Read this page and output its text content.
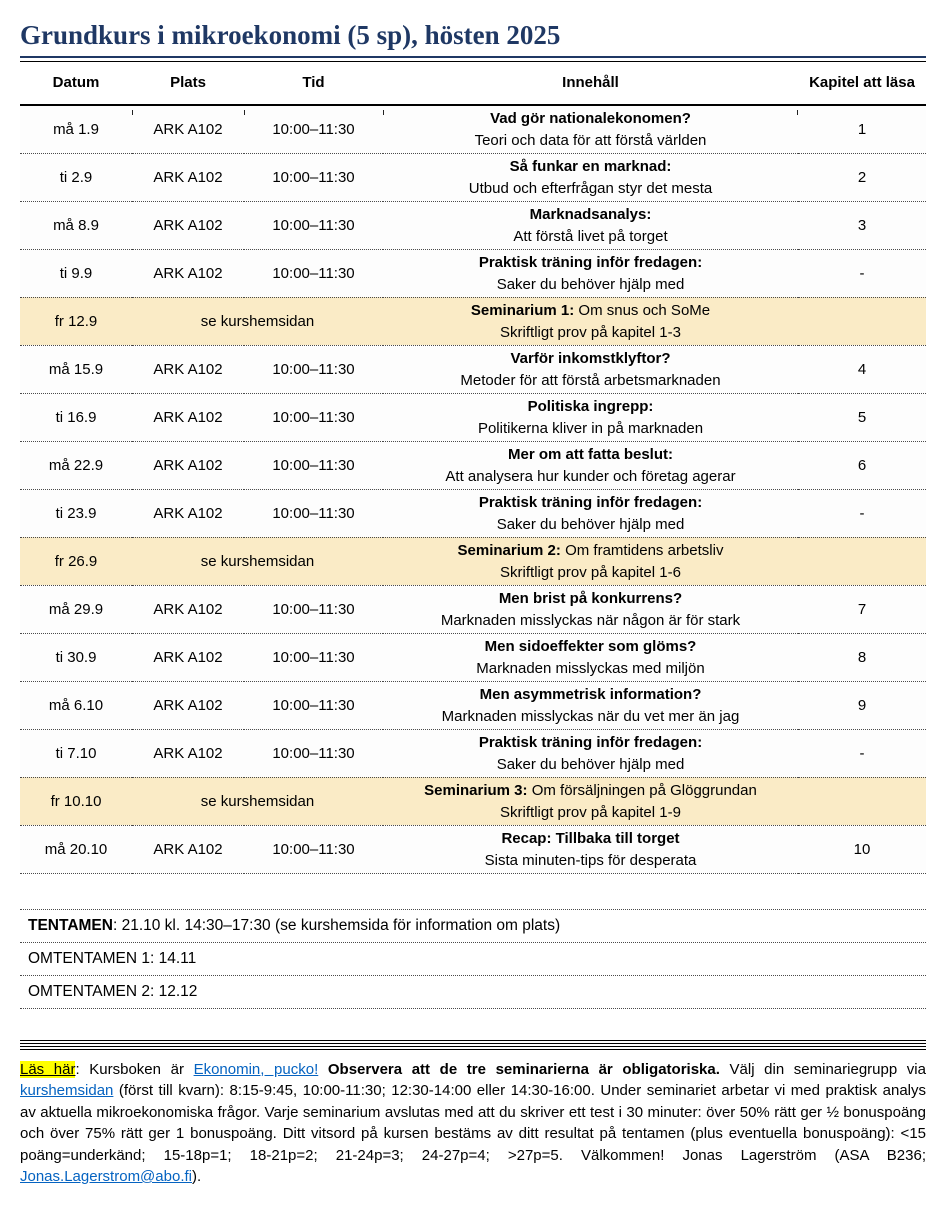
Grundkurs i mikroekonomi (5 sp), hösten 2025
Datum	Plats	Tid	Innehåll	Kapitel att läsa
må 1.9	ARK A102	10:00–11:30	Vad gör nationalekonomen?
Teori och data för att förstå världen	1
ti 2.9	ARK A102	10:00–11:30	Så funkar en marknad:
Utbud och efterfrågan styr det mesta	2
må 8.9	ARK A102	10:00–11:30	Marknadsanalys:
Att förstå livet på torget	3
ti 9.9	ARK A102	10:00–11:30	Praktisk träning inför fredagen:
Saker du behöver hjälp med	-
fr 12.9	se kurshemsidan		Seminarium 1: Om snus och SoMe
Skriftligt prov på kapitel 1-3	

må 15.9	ARK A102	10:00–11:30	Varför inkomstklyftor?
Metoder för att förstå arbetsmarknaden	4
ti 16.9	ARK A102	10:00–11:30	Politiska ingrepp:
Politikerna kliver in på marknaden	5
må 22.9	ARK A102	10:00–11:30	Mer om att fatta beslut:
Att analysera hur kunder och företag agerar	6
ti 23.9	ARK A102	10:00–11:30	Praktisk träning inför fredagen:
Saker du behöver hjälp med	-
fr 26.9	se kurshemsidan		Seminarium 2: Om framtidens arbetsliv
Skriftligt prov på kapitel 1-6	

må 29.9	ARK A102	10:00–11:30	Men brist på konkurrens?
Marknaden misslyckas när någon är för stark	7
ti 30.9	ARK A102	10:00–11:30	Men sidoeffekter som glöms?
Marknaden misslyckas med miljön	8
må 6.10	ARK A102	10:00–11:30	Men asymmetrisk information?
Marknaden misslyckas när du vet mer än jag	9
ti 7.10	ARK A102	10:00–11:30	Praktisk träning inför fredagen:
Saker du behöver hjälp med	-
fr 10.10	se kurshemsidan		Seminarium 3: Om försäljningen på Glöggrundan
Skriftligt prov på kapitel 1-9	

må 20.10	ARK A102	10:00–11:30	Recap: Tillbaka till torget
Sista minuten-tips för desperata	10
TENTAMEN: 21.10 kl. 14:30–17:30 (se kurshemsida för information om plats)
OMTENTAMEN 1: 14.11
OMTENTAMEN 2: 12.12

Läs här: Kursboken är Ekonomin, pucko! Observera att de tre seminarierna är obligatoriska. Välj din seminariegrupp via kurshemsidan (först till kvarn): 8:15-9:45, 10:00-11:30; 12:30-14:00 eller 14:30-16:00. Under seminariet arbetar vi med praktisk analys av aktuella mikroekonomiska frågor. Varje seminarium avslutas med att du skriver ett test i 30 minuter: över 50% rätt ger ½ bonuspoäng och över 75% rätt ger 1 bonuspoäng. Ditt vitsord på kursen bestäms av ditt resultat på tentamen (plus eventuella bonuspoäng): <15 poäng=underkänd; 15-18p=1; 18-21p=2; 21-24p=3; 24-27p=4; >27p=5. Välkommen! Jonas Lagerström (ASA B236; Jonas.Lagerstrom@abo.fi).
